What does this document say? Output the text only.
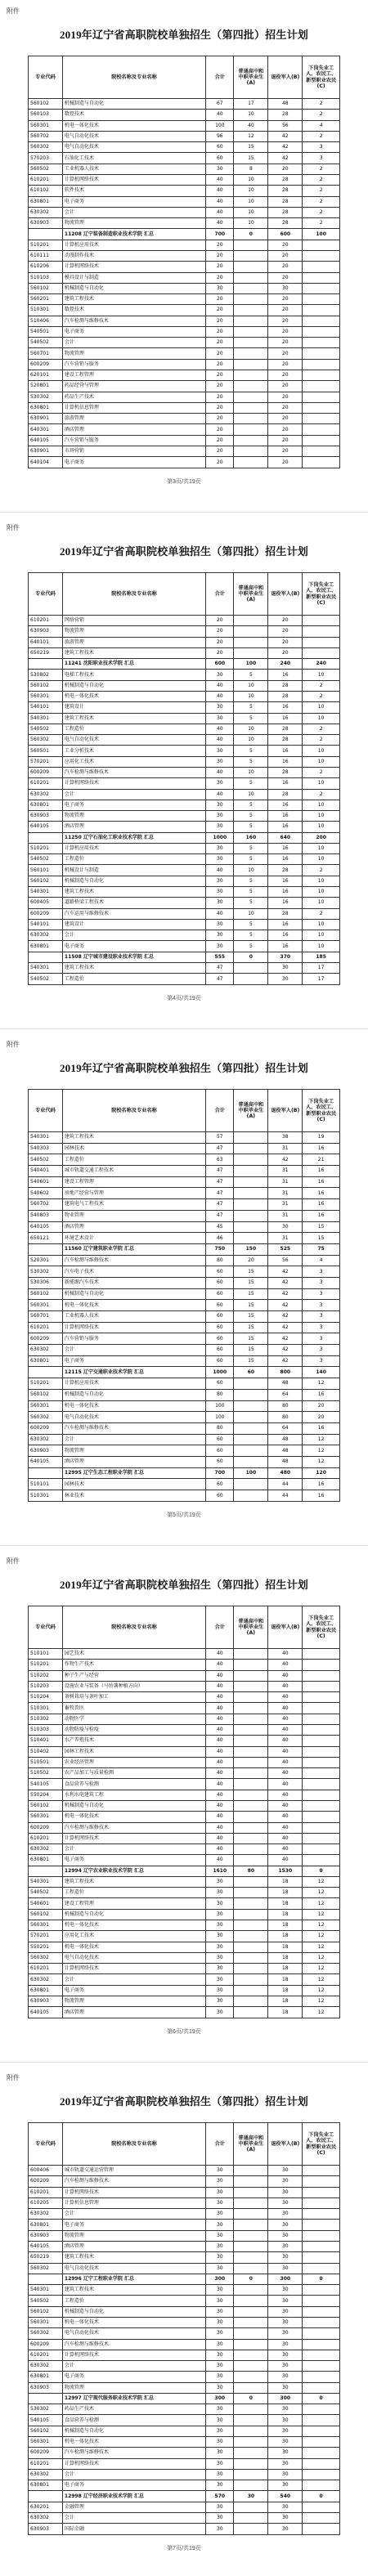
附件
2019年辽宁省高职院校单独招生（第四批）招生计划
专业代码	院校名称及专业名称	合计	普通高中和中职毕业生(A)	退役军人(B)	下岗失业工人、农民工、新型职业农民(C)
560102	机械制造与自动化	67	17	48	2
560103	数控技术	40	10	28	2
560301	机电一体化技术	100	40	56	4
560702	电气自动化技术	96	12	42	2
560302	电气自动化技术	60	15	42	3
570203	石油化工技术	60	15	42	3
560502	工业机器人技术	30	8	20	2
610201	计算机网络技术	40	10	28	2
610102	软件技术	40	10	28	2
630801	电子商务	40	10	28	2
630302	会计	40	10	28	2
630903	物流管理	40	10	28	2
	11208 辽宁装备制造职业技术学院 汇总	700	0	600	100
510201	计算机应用技术	20		20	
610111	动漫制作技术	20		20	
610206	计算机网络技术	20		20	
510103	模具设计与制造	20		20	
560102	机械制造与自动化	30		30	
560201	建筑工程技术	20		20	
510301	数控技术	20		20	
510406	汽车检测与维修技术	20		20	
540501	电子商务	20		20	
540502	会计	20		20	
560701	物流管理	20		20	
600209	汽车营销与服务	20		20	
620101	建设工程管理	20		20	
520801	药品经营与管理	20		20	
530302	药品生产技术	20		20	
630801	计算机信息管理	20		20	
630901	旅游管理	20		20	
640301	酒店管理	20		20	
640105	汽车营销与服务	20		20	
630901	市场营销	20		20	
640104	电子商务	20		20	
第3页/共19页
附件
2019年辽宁省高职院校单独招生（第四批）招生计划
专业代码	院校名称及专业名称	合计	普通高中和中职毕业生(A)	退役军人(B)	下岗失业工人、农民工、新型职业农民(C)
610201	网络营销	20		20	
630903	物流管理	20		20	
640101	旅游管理	20		20	
650219	建筑工程技术	20		20	
	11241 沈阳职业技术学院 汇总	600	100	240	240
530802	电梯工程技术	30	5	16	10
560102	机械制造与自动化	40	10	28	2
560301	机电一体化技术	40	10	28	2
540101	建筑设计	30	5	16	10
540301	建筑工程技术	30	5	16	10
540502	工程造价	40	10	28	2
560302	电气自动化技术	40	10	28	2
560501	工业分析技术	30	5	16	10
570201	应用化工技术	30	5	16	10
600209	汽车检测与维修技术	40	10	28	2
610201	计算机网络技术	30	5	16	10
630302	会计	40	10	28	2
630801	电子商务	30	5	16	10
630903	物流管理	30	5	16	10
640105	酒店管理	30	5	16	10
	11250 辽宁石油化工职业技术学院 汇总	1000	160	640	200
510201	计算机应用技术	30	5	16	10
540502	工程造价	30	5	16	10
560101	机械设计与制造	40	10	28	2
560102	机械制造与自动化	30	5	16	10
540301	建筑工程技术	30	5	16	10
600405	道路桥梁工程技术	30	5	16	10
600209	汽车运用与维修技术	40	10	28	2
540101	建筑设计	30	5	16	10
630302	会计	30	5	16	10
630801	电子商务	30	5	16	10
	11508 辽宁城市建设职业技术学院 汇总	555	0	370	185
540301	建筑工程技术	47		30	17
540502	工程造价	47		30	17
第4页/共19页
附件
2019年辽宁省高职院校单独招生（第四批）招生计划
专业代码	院校名称及专业名称	合计	普通高中和中职毕业生(A)	退役军人(B)	下岗失业工人、农民工、新型职业农民(C)
540301	建筑工程技术	57		38	19
540303	园林技术	47		31	16
540502	工程造价	63		42	21
540401	城市轨道交通工程技术	47		31	16
540601	建设工程管理	47		31	16
540602	房地产经营与管理	47		31	16
560702	建筑电气工程技术	47		31	16
540803	物业管理	47		31	16
640105	酒店管理	45		30	15
650121	环境艺术设计	46		31	15
	11560 辽宁建筑职业学院 汇总	750	150	525	75
520301	汽车检测与维修技术	80	20	56	4
530302	汽车电子技术	60	15	42	3
530306	新能源汽车技术	60	15	42	3
560102	机械制造与自动化	60	15	42	3
560301	机电一体化技术	60	15	42	3
560701	工业机器人技术	60	15	42	3
610201	计算机网络技术	60	15	42	3
600209	汽车营销与服务	60	15	42	3
630302	会计	60	15	42	3
630801	电子商务	60	15	42	3
	12115 辽宁交通职业技术学院 汇总	1000	60	800	140
510201	计算机应用技术	60		48	12
560102	机械制造与自动化	80		64	16
560301	机电一体化技术	100		80	20
560302	电气自动化技术	100		80	20
600209	汽车检测与维修技术	80		64	16
630302	会计	60		48	12
630903	物流管理	60		48	12
640105	酒店管理	60		48	12
	12995 辽宁生态工程职业学院 汇总	700	100	480	120
510101	园林技术	60		44	16
510301	林业技术	60		44	16
第5页/共19页
附件
2019年辽宁省高职院校单独招生（第四批）招生计划
专业代码	院校名称及专业名称	合计	普通高中和中职毕业生(A)	退役军人(B)	下岗失业工人、农民工、新型职业农民(C)
510101	园艺技术	40		40	
510201	作物生产技术	40		40	
510202	种子生产与经营	40		40	
510203	设施农业与装备（马铃薯种植方向）	40		40	
510204	茶树栽培与茶叶加工	40		40	
510301	畜牧兽医	40		40	
510302	动物医学	40		40	
510303	动物防疫与检疫	40		40	
510401	水产养殖技术	40		40	
510402	园林工程技术	40		40	
510501	农业经济管理	40		40	
510502	农产品加工与质量检测	40		40	
540105	食品营养与检测	40		40	
550204	水利水电建筑工程	40		40	
560102	机械制造与自动化	40		40	
560301	机电一体化技术	40		40	
600209	汽车检测与维修技术	40		40	
610201	计算机网络技术	40		40	
630302	会计	40		40	
630801	电子商务	40		40	
	12994 辽宁农业职业技术学院 汇总	1610	80	1530	0
540301	建筑工程技术	30		18	12
540502	工程造价	30		18	12
540601	建设工程管理	30		18	12
560102	机械制造与自动化	30		18	12
560301	机电一体化技术	30		18	12
570201	应用化工技术	30		18	12
550201	机电一体化技术	30		18	12
560302	电气自动化技术	30		18	12
610201	计算机网络技术	30		18	12
630302	会计	30		18	12
630801	电子商务	30		18	12
630903	物流管理	30		18	12
640105	酒店管理	30		18	12
第6页/共19页
附件
2019年辽宁省高职院校单独招生（第四批）招生计划
专业代码	院校名称及专业名称	合计	普通高中和中职毕业生(A)	退役军人(B)	下岗失业工人、农民工、新型职业农民(C)
600406	城市轨道交通运营管理	30		30	
600209	汽车检测与维修技术	30		30	
610201	计算机网络技术	30		30	
610205	计算机信息管理	30		30	
630302	会计	30		30	
630801	电子商务	30		30	
630903	物流管理	30		30	
640105	酒店管理	30		30	
650219	建筑工程技术	30		30	
560302	电气自动化技术	30		30	
	12996 辽宁工程职业学院 汇总	300	0	300	0
540301	建筑工程技术	30		30	
540502	工程造价	30		30	
560102	机械制造与自动化	30		30	
560301	机电一体化技术	30		30	
560302	电气自动化技术	30		30	
600209	汽车检测与维修技术	30		30	
610201	计算机网络技术	30		30	
630302	会计	30		30	
630801	电子商务	30		30	
630903	物流管理	30		30	
	12997 辽宁现代服务职业技术学院 汇总	300	0	300	0
530302	药品生产技术	30		30	
540105	食品营养与检测	30		30	
560102	机械制造与自动化	30		30	
560301	机电一体化技术	30		30	
600209	汽车检测与维修技术	30		30	
610201	计算机网络技术	30		30	
630302	会计	30		30	
630801	电子商务	30		30	
	12998 辽宁经济职业技术学院 汇总	570	30	540	0
630201	金融管理	30		30	
630302	会计	30		30	
630903	国际金融	30		30	
第7页/共19页
